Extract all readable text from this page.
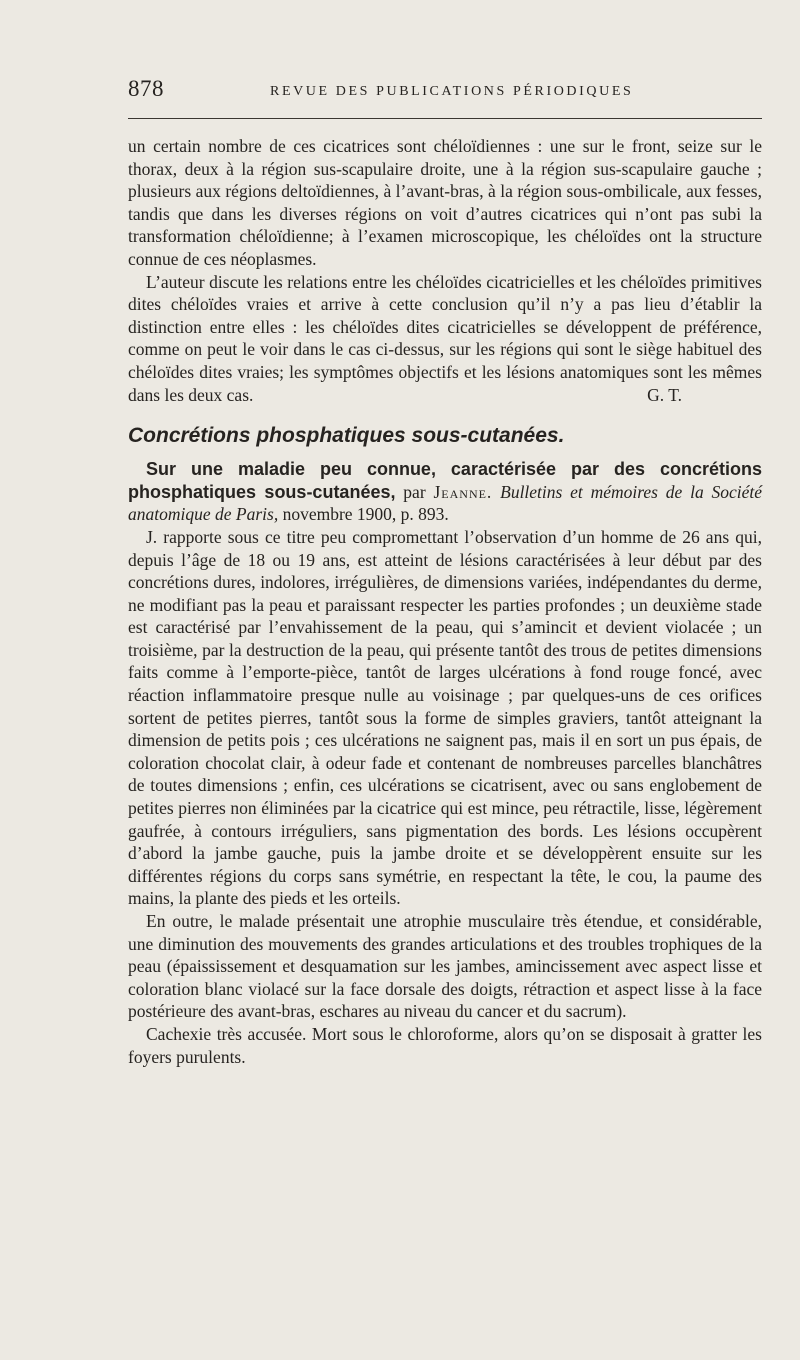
878	REVUE DES PUBLICATIONS PÉRIODIQUES

un certain nombre de ces cicatrices sont chéloïdiennes : une sur le front, seize sur le thorax, deux à la région sus-scapulaire droite, une à la région sus-scapulaire gauche ; plusieurs aux régions deltoïdiennes, à l’avant-bras, à la région sous-ombilicale, aux fesses, tandis que dans les diverses régions on voit d’autres cicatrices qui n’ont pas subi la transformation chéloïdienne; à l’examen microscopique, les chéloïdes ont la structure connue de ces néoplasmes.

L’auteur discute les relations entre les chéloïdes cicatricielles et les chéloïdes primitives dites chéloïdes vraies et arrive à cette conclusion qu’il n’y a pas lieu d’établir la distinction entre elles : les chéloïdes dites cicatricielles se développent de préférence, comme on peut le voir dans le cas ci-dessus, sur les régions qui sont le siège habituel des chéloïdes dites vraies; les symptômes objectifs et les lésions anatomiques sont les mêmes dans les deux cas.	G. T.

Concrétions phosphatiques sous-cutanées.

Sur une maladie peu connue, caractérisée par des concrétions phosphatiques sous-cutanées, par Jeanne. Bulletins et mémoires de la Société anatomique de Paris, novembre 1900, p. 893.

J. rapporte sous ce titre peu compromettant l’observation d’un homme de 26 ans qui, depuis l’âge de 18 ou 19 ans, est atteint de lésions caractérisées à leur début par des concrétions dures, indolores, irrégulières, de dimensions variées, indépendantes du derme, ne modifiant pas la peau et paraissant respecter les parties profondes ; un deuxième stade est caractérisé par l’envahissement de la peau, qui s’amincit et devient violacée ; un troisième, par la destruction de la peau, qui présente tantôt des trous de petites dimensions faits comme à l’emporte-pièce, tantôt de larges ulcérations à fond rouge foncé, avec réaction inflammatoire presque nulle au voisinage ; par quelques-uns de ces orifices sortent de petites pierres, tantôt sous la forme de simples graviers, tantôt atteignant la dimension de petits pois ; ces ulcérations ne saignent pas, mais il en sort un pus épais, de coloration chocolat clair, à odeur fade et contenant de nombreuses parcelles blanchâtres de toutes dimensions ; enfin, ces ulcérations se cicatrisent, avec ou sans englobement de petites pierres non éliminées par la cicatrice qui est mince, peu rétractile, lisse, légèrement gaufrée, à contours irréguliers, sans pigmentation des bords. Les lésions occupèrent d’abord la jambe gauche, puis la jambe droite et se développèrent ensuite sur les différentes régions du corps sans symétrie, en respectant la tête, le cou, la paume des mains, la plante des pieds et les orteils.

En outre, le malade présentait une atrophie musculaire très étendue, et considérable, une diminution des mouvements des grandes articulations et des troubles trophiques de la peau (épaississement et desquamation sur les jambes, amincissement avec aspect lisse et coloration blanc violacé sur la face dorsale des doigts, rétraction et aspect lisse à la face postérieure des avant-bras, eschares au niveau du cancer et du sacrum).

Cachexie très accusée. Mort sous le chloroforme, alors qu’on se disposait à gratter les foyers purulents.
